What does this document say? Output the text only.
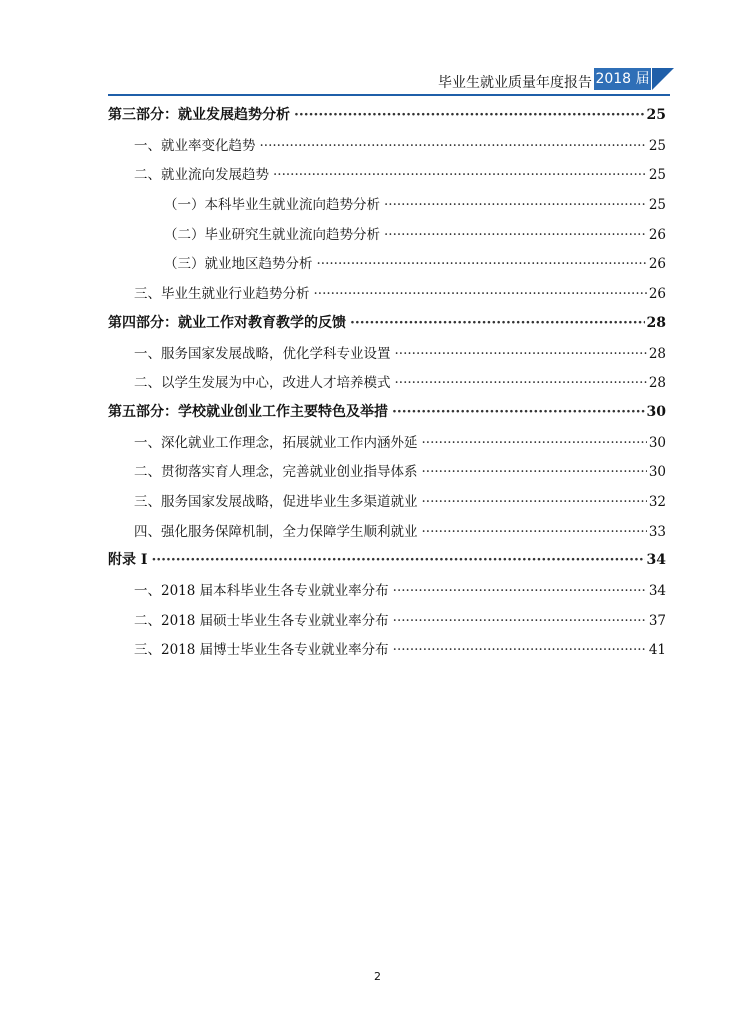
毕业生就业质量年度报告 2018 届
第三部分：就业发展趋势分析 ·····	25
一、就业率变化趋势 ·····	25
二、就业流向发展趋势 ·····	25
（一）本科毕业生就业流向趋势分析 ·····	25
（二）毕业研究生就业流向趋势分析 ·····	26
（三）就业地区趋势分析 ·····	26
三、毕业生就业行业趋势分析 ·····	26
第四部分：就业工作对教育教学的反馈 ·····	28
一、服务国家发展战略，优化学科专业设置 ·····	28
二、以学生发展为中心，改进人才培养模式 ·····	28
第五部分：学校就业创业工作主要特色及举措 ·····	30
一、深化就业工作理念，拓展就业工作内涵外延 ·····	30
二、贯彻落实育人理念，完善就业创业指导体系 ·····	30
三、服务国家发展战略，促进毕业生多渠道就业 ·····	32
四、强化服务保障机制，全力保障学生顺利就业 ·····	33
附录 I ·····	34
一、2018 届本科毕业生各专业就业率分布 ·····	34
二、2018 届硕士毕业生各专业就业率分布 ·····	37
三、2018 届博士毕业生各专业就业率分布 ·····	41
2
